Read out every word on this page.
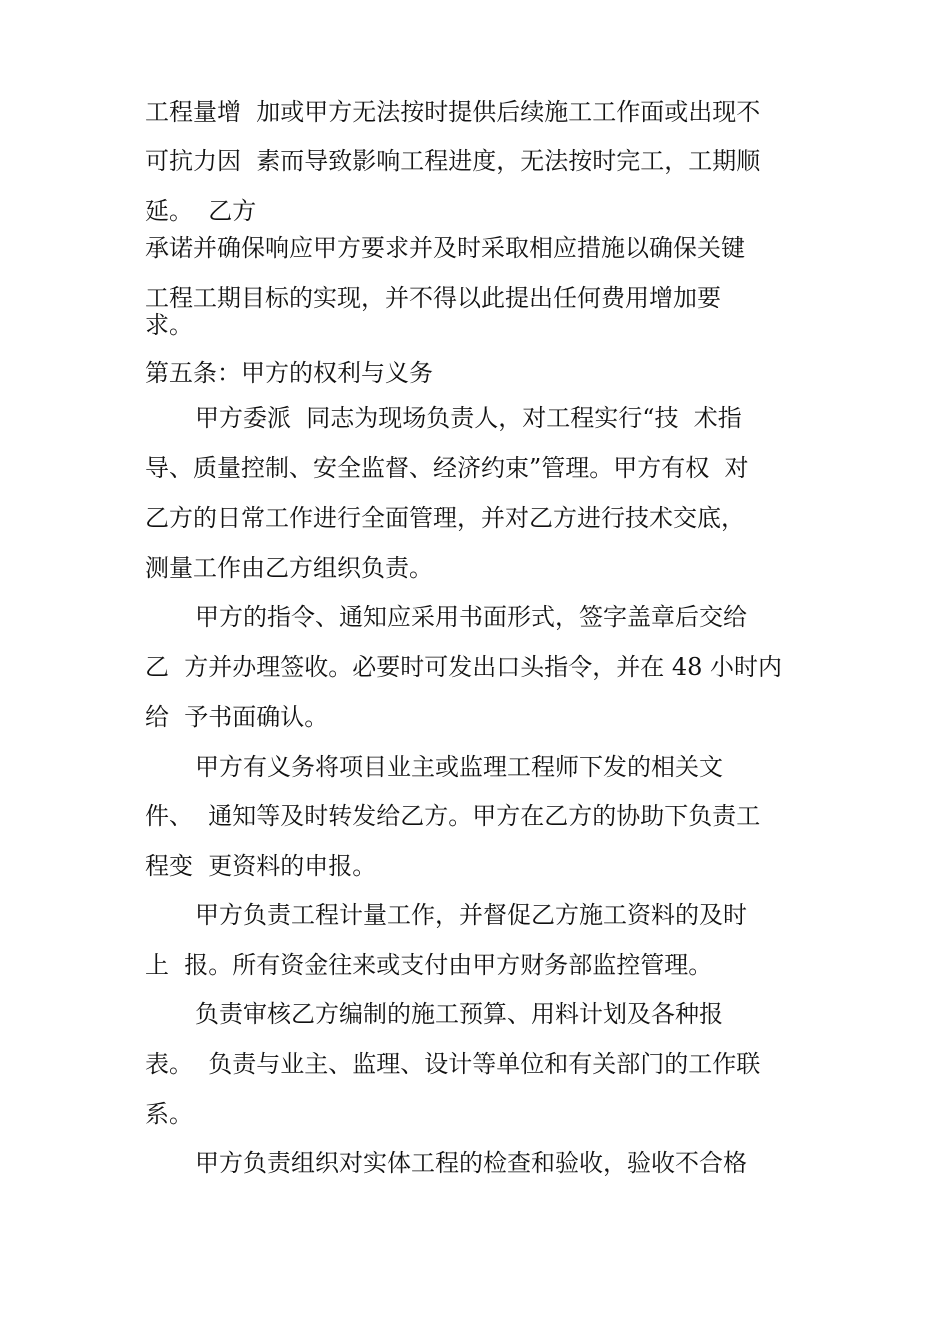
工程量增  加或甲方无法按时提供后续施工工作面或出现不
可抗力因  素而导致影响工程进度，无法按时完工，工期顺
延。  乙方
承诺并确保响应甲方要求并及时采取相应措施以确保关键
工程工期目标的实现，并不得以此提出任何费用增加要
求。
第五条：甲方的权利与义务
甲方委派  同志为现场负责人，对工程实行“技  术指
导、质量控制、安全监督、经济约束”管理。甲方有权  对
乙方的日常工作进行全面管理，并对乙方进行技术交底，
测量工作由乙方组织负责。
甲方的指令、通知应采用书面形式，签字盖章后交给
乙  方并办理签收。必要时可发出口头指令，并在 48 小时内
给  予书面确认。
甲方有义务将项目业主或监理工程师下发的相关文
件、  通知等及时转发给乙方。甲方在乙方的协助下负责工
程变  更资料的申报。
甲方负责工程计量工作，并督促乙方施工资料的及时
上  报。所有资金往来或支付由甲方财务部监控管理。
负责审核乙方编制的施工预算、用料计划及各种报
表。  负责与业主、监理、设计等单位和有关部门的工作联
系。
甲方负责组织对实体工程的检查和验收，验收不合格
